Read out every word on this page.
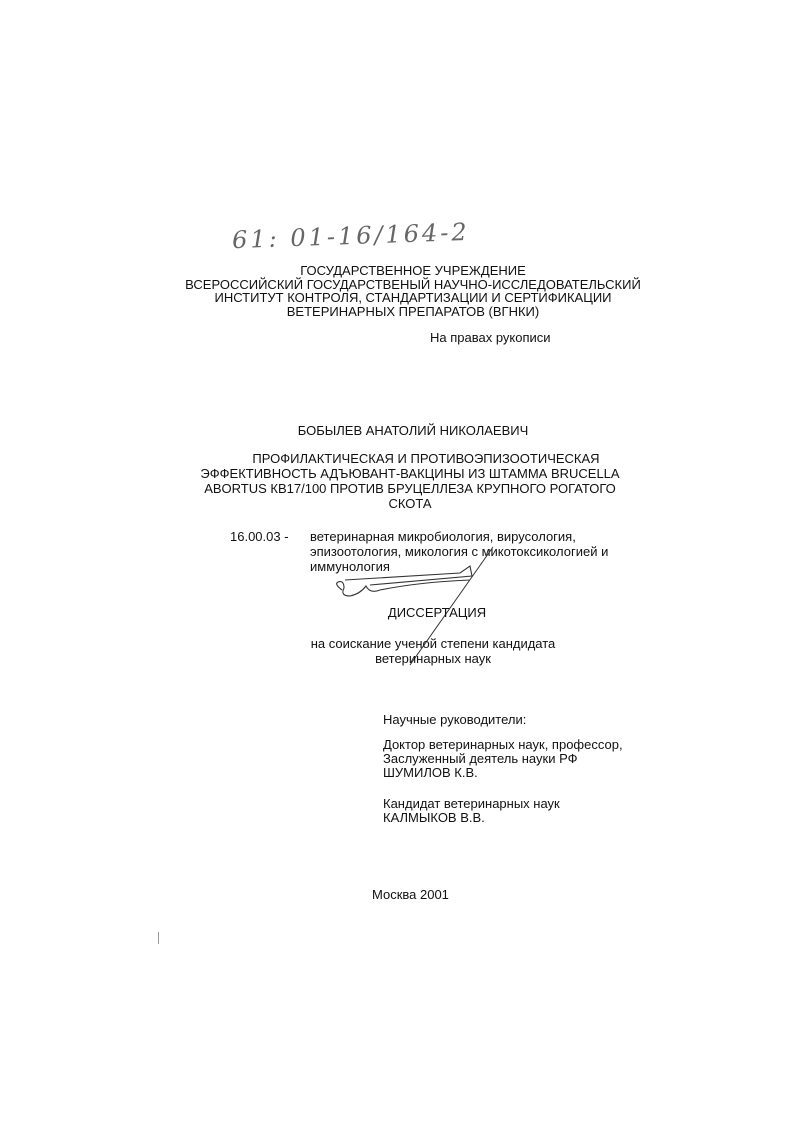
61: 01-16/164-2
ГОСУДАРСТВЕННОЕ УЧРЕЖДЕНИЕ
ВСЕРОССИЙСКИЙ ГОСУДАРСТВЕНЫЙ НАУЧНО-ИССЛЕДОВАТЕЛЬСКИЙ
ИНСТИТУТ КОНТРОЛЯ, СТАНДАРТИЗАЦИИ И СЕРТИФИКАЦИИ
ВЕТЕРИНАРНЫХ ПРЕПАРАТОВ (ВГНКИ)
На правах рукописи
БОБЫЛЕВ АНАТОЛИЙ НИКОЛАЕВИЧ
ПРОФИЛАКТИЧЕСКАЯ И ПРОТИВОЭПИЗООТИЧЕСКАЯ
ЭФФЕКТИВНОСТЬ АДЪЮВАНТ-ВАКЦИНЫ ИЗ ШТАММА BRUCELLA
ABORTUS КВ17/100 ПРОТИВ БРУЦЕЛЛЕЗА КРУПНОГО РОГАТОГО
СКОТА
16.00.03 - ветеринарная микробиология, вирусология,
эпизоотология, микология с микотоксикологией и
иммунология
ДИССЕРТАЦИЯ
на соискание ученой степени кандидата
ветеринарных наук
Научные руководители:
Доктор ветеринарных наук, профессор,
Заслуженный деятель науки РФ
ШУМИЛОВ К.В.
Кандидат ветеринарных наук
КАЛМЫКОВ В.В.
Москва 2001
